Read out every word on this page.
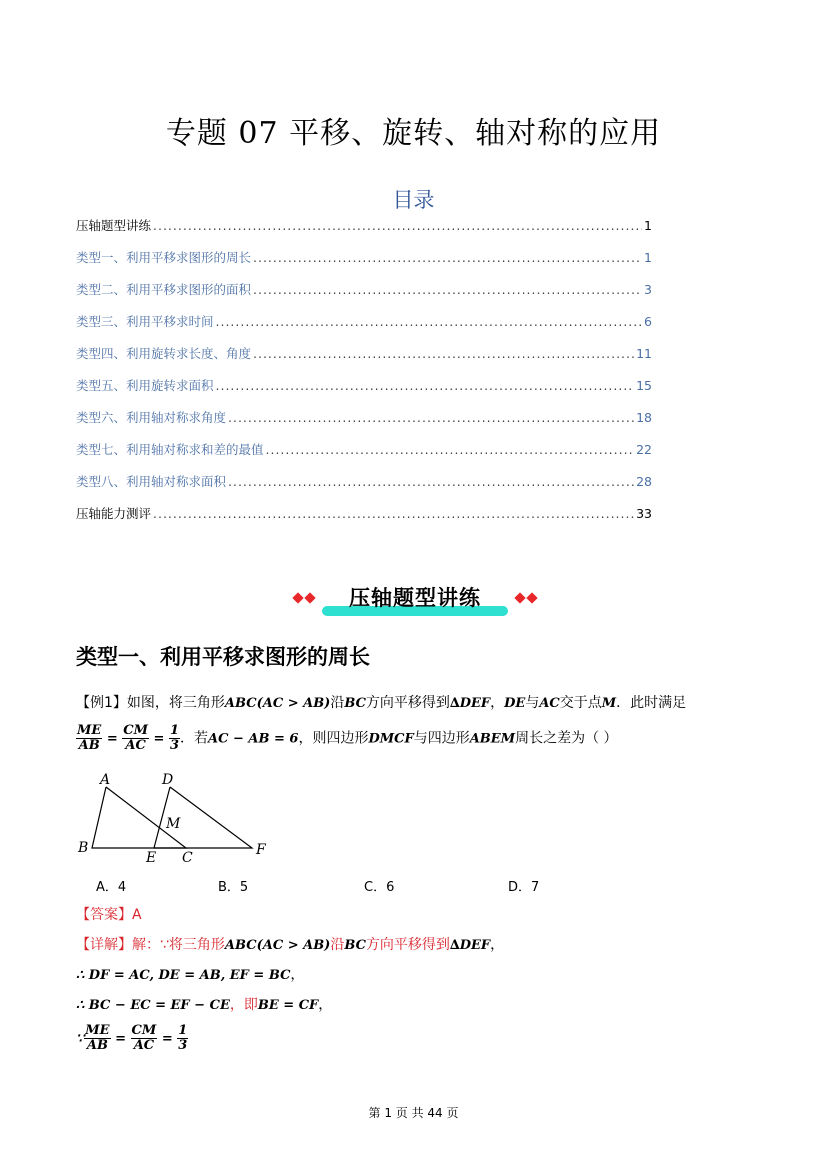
专题 07 平移、旋转、轴对称的应用
目录
压轴题型讲练 .....	1
类型一、利用平移求图形的周长 .....	1
类型二、利用平移求图形的面积 .....	3
类型三、利用平移求时间 .....	6
类型四、利用旋转求长度、角度 .....	11
类型五、利用旋转求面积 .....	15
类型六、利用轴对称求角度 .....	18
类型七、利用轴对称求和差的最值 .....	22
类型八、利用轴对称求面积 .....	28
压轴能力测评 .....	33
压轴题型讲练
类型一、利用平移求图形的周长
【例1】如图，将三角形ABC(AC > AB)沿BC方向平移得到∆DEF，DE与AC交于点M．此时满足
$\frac{ME}{AB} = \frac{CM}{AC} = \frac{1}{3}$ ．若AC − AB = 6，则四边形DMCF与四边形ABEM周长之差为（ ）
A	D
M
B
E C	F
A．4	B．5	C．6	D．7
【答案】A
【详解】解：∵将三角形ABC(AC > AB)沿BC方向平移得到∆DEF，
∴ DF = AC, DE = AB, EF = BC，
∴ BC − EC = EF − CE，即BE = CF，
∵ $\frac{ME}{AB} = \frac{CM}{AC} = \frac{1}{3}$
第 1 页 共 44 页
